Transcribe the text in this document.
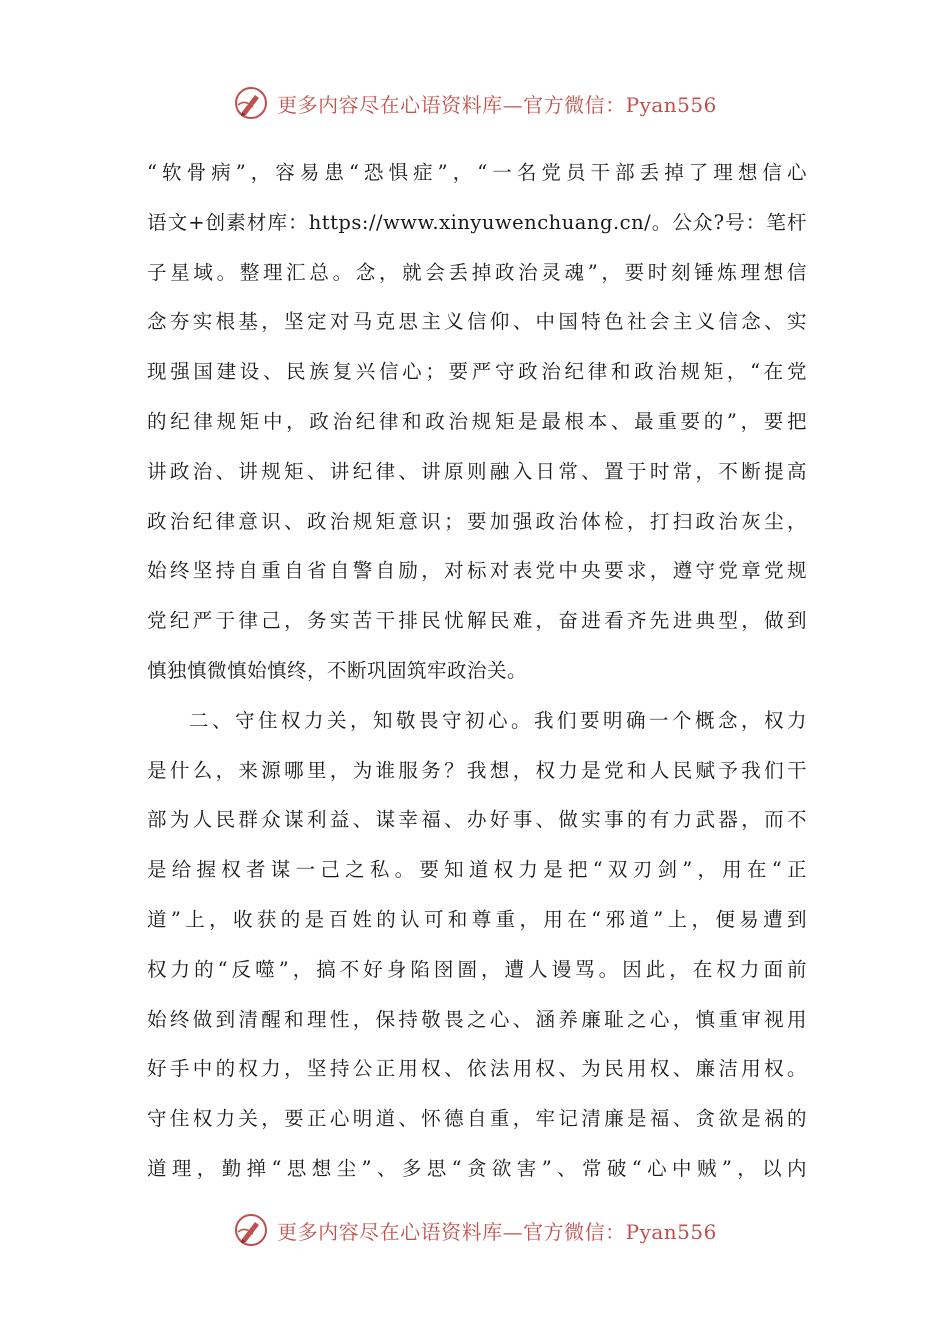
更多内容尽在心语资料库—官方微信：Pyan556
“软骨病”，容易患“恐惧症”，“一名党员干部丢掉了理想信心
语文+创素材库：https://www.xinyuwenchuang.cn/。公众?号：笔杆
子星域。整理汇总。念，就会丢掉政治灵魂”，要时刻锤炼理想信
念夯实根基，坚定对马克思主义信仰、中国特色社会主义信念、实
现强国建设、民族复兴信心；要严守政治纪律和政治规矩，“在党
的纪律规矩中，政治纪律和政治规矩是最根本、最重要的”，要把
讲政治、讲规矩、讲纪律、讲原则融入日常、置于时常，不断提高
政治纪律意识、政治规矩意识；要加强政治体检，打扫政治灰尘，
始终坚持自重自省自警自励，对标对表党中央要求，遵守党章党规
党纪严于律己，务实苦干排民忧解民难，奋进看齐先进典型，做到
慎独慎微慎始慎终，不断巩固筑牢政治关。
二、守住权力关，知敬畏守初心。我们要明确一个概念，权力
是什么，来源哪里，为谁服务？我想，权力是党和人民赋予我们干
部为人民群众谋利益、谋幸福、办好事、做实事的有力武器，而不
是给握权者谋一己之私。要知道权力是把“双刃剑”，用在“正
道”上，收获的是百姓的认可和尊重，用在“邪道”上，便易遭到
权力的“反噬”，搞不好身陷囹圄，遭人谩骂。因此，在权力面前
始终做到清醒和理性，保持敬畏之心、涵养廉耻之心，慎重审视用
好手中的权力，坚持公正用权、依法用权、为民用权、廉洁用权。
守住权力关，要正心明道、怀德自重，牢记清廉是福、贪欲是祸的
道理，勤掸“思想尘”、多思“贪欲害”、常破“心中贼”，以内
更多内容尽在心语资料库—官方微信：Pyan556
